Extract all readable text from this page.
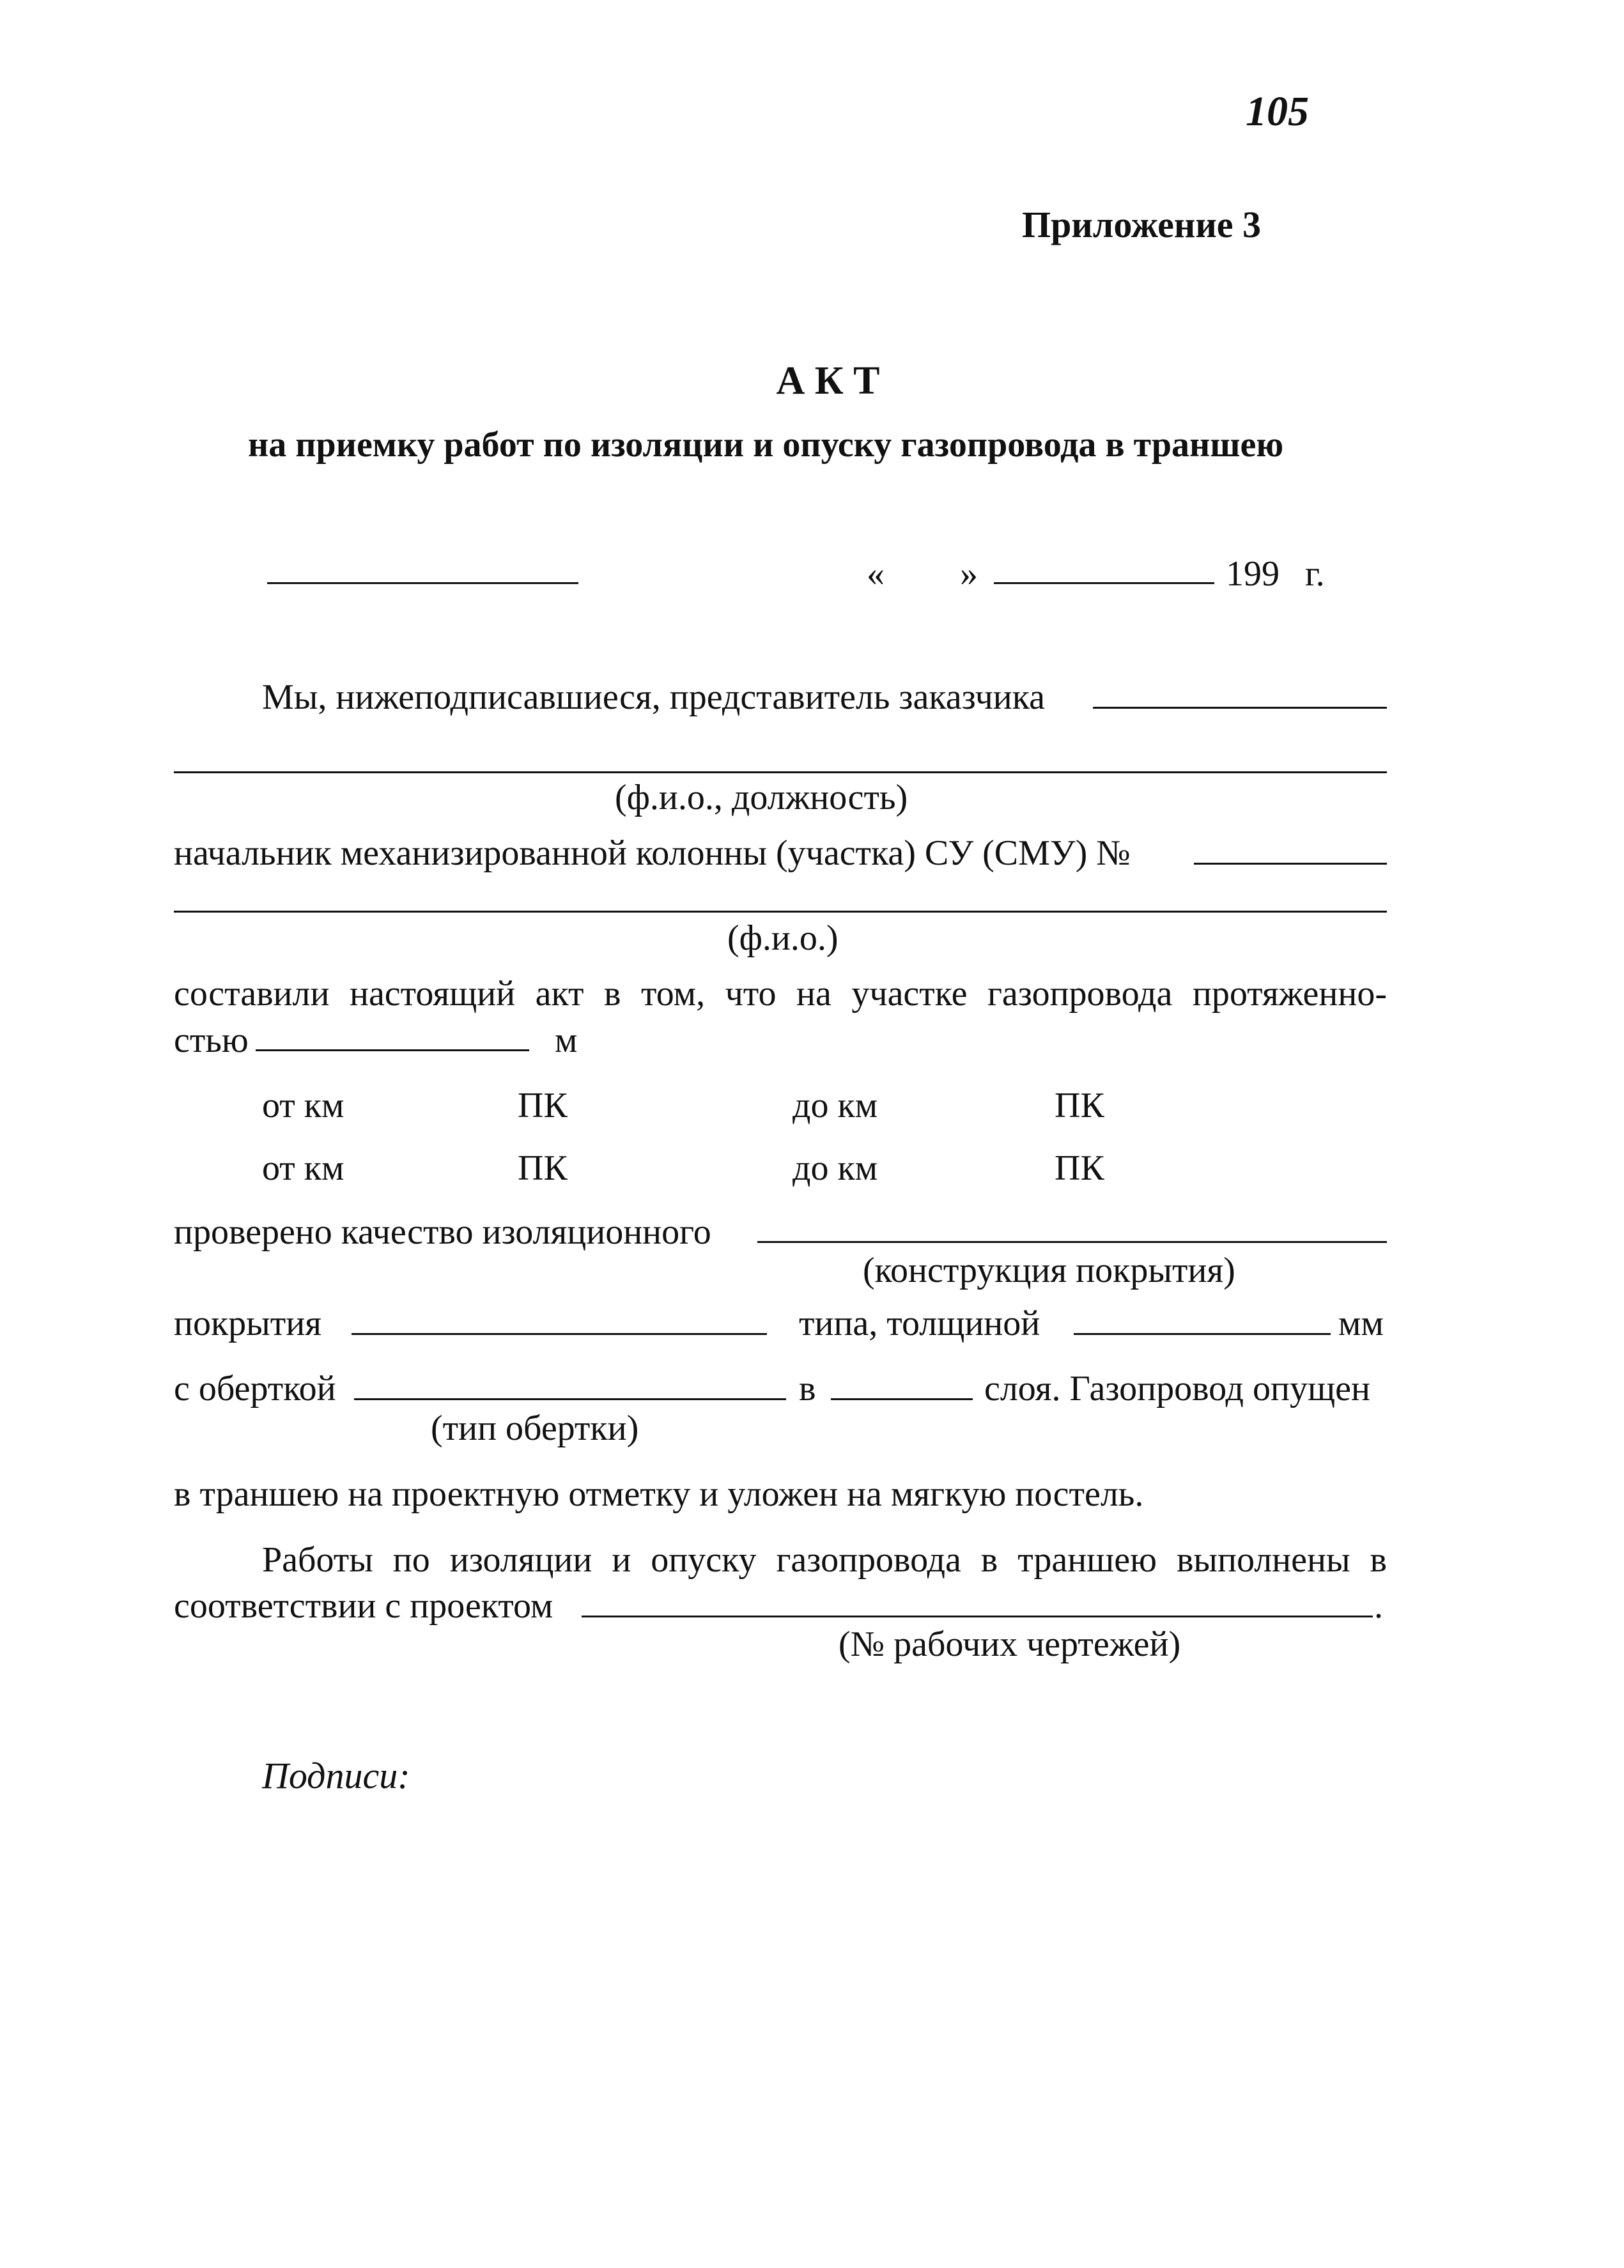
105
Приложение 3
А К Т
на приемку работ по изоляции и опуску газопровода в траншею
« »	199 г.
Мы, нижеподписавшиеся, представитель заказчика
(ф.и.о., должность)
начальник механизированной колонны (участка) СУ (СМУ) №
(ф.и.о.)
составили настоящий акт в том, что на участке газопровода протяженно-
стью	м
от км	ПК	до км	ПК
от км	ПК	до км	ПК
проверено качество изоляционного
(конструкция покрытия)
покрытия	типа, толщиной	мм
с оберткой	в	слоя. Газопровод опущен
(тип обертки)
в траншею на проектную отметку и уложен на мягкую постель.
Работы по изоляции и опуску газопровода в траншею выполнены в
соответствии с проектом	.
(№ рабочих чертежей)
Подписи:
